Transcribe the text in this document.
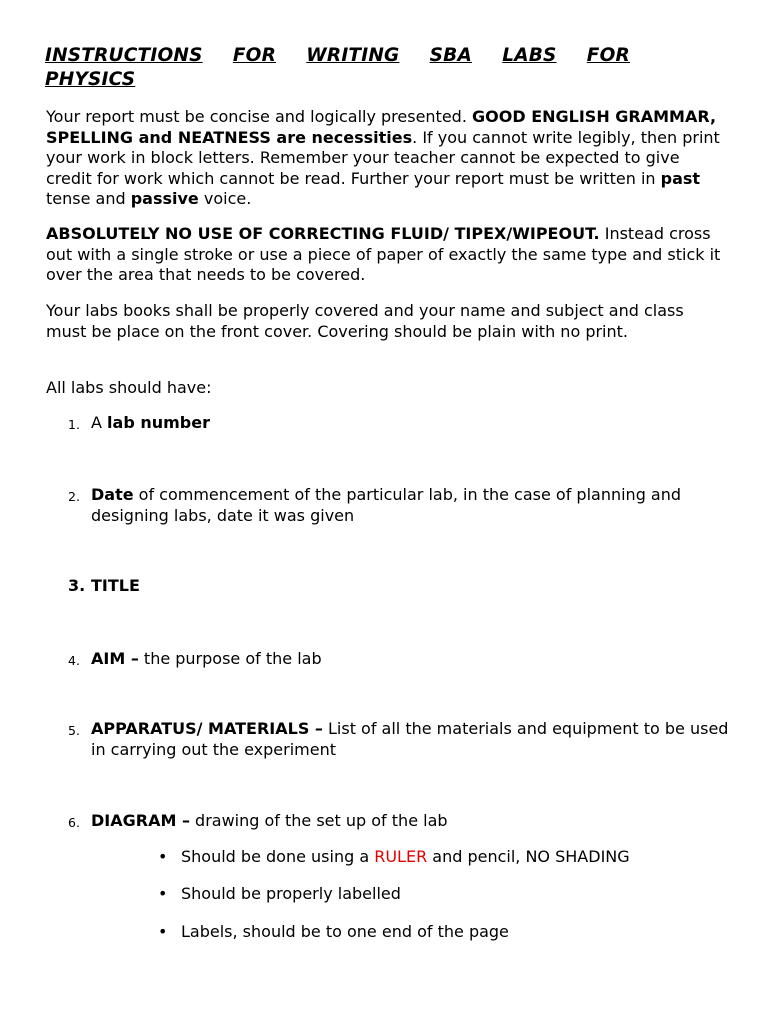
INSTRUCTIONS FOR WRITING SBA LABS FOR
PHYSICS
Your report must be concise and logically presented. GOOD ENGLISH GRAMMAR, SPELLING and NEATNESS are necessities. If you cannot write legibly, then print your work in block letters. Remember your teacher cannot be expected to give credit for work which cannot be read. Further your report must be written in past tense and passive voice.
ABSOLUTELY NO USE OF CORRECTING FLUID/ TIPEX/WIPEOUT. Instead cross out with a single stroke or use a piece of paper of exactly the same type and stick it over the area that needs to be covered.
Your labs books shall be properly covered and your name and subject and class must be place on the front cover. Covering should be plain with no print.
All labs should have:
1. A lab number
2. Date of commencement of the particular lab, in the case of planning and designing labs, date it was given
3. TITLE
4. AIM – the purpose of the lab
5. APPARATUS/ MATERIALS – List of all the materials and equipment to be used in carrying out the experiment
6. DIAGRAM – drawing of the set up of the lab
• Should be done using a RULER and pencil, NO SHADING
• Should be properly labelled
• Labels, should be to one end of the page
